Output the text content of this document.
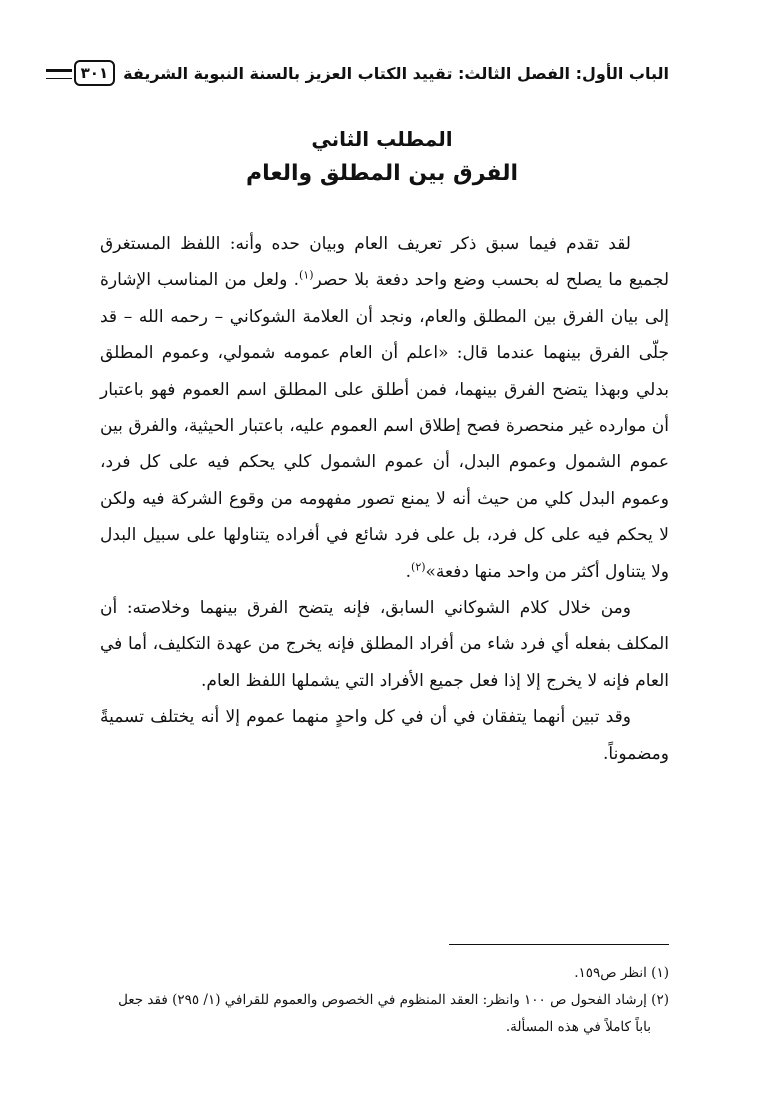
الباب الأول: الفصل الثالث: تقييد الكتاب العزيز بالسنة النبوية الشريفة
٣٠١
المطلب الثاني
الفرق بين المطلق والعام

لقد تقدم فيما سبق ذكر تعريف العام وبيان حده وأنه: اللفظ المستغرق لجميع ما يصلح له بحسب وضع واحد دفعة بلا حصر$^{(١)}$. ولعل من المناسب الإشارة إلى بيان الفرق بين المطلق والعام، ونجد أن العلامة الشوكاني – رحمه الله – قد جلّى الفرق بينهما عندما قال: «اعلم أن العام عمومه شمولي، وعموم المطلق بدلي وبهذا يتضح الفرق بينهما، فمن أطلق على المطلق اسم العموم فهو باعتبار أن موارده غير منحصرة فصح إطلاق اسم العموم عليه، باعتبار الحيثية، والفرق بين عموم الشمول وعموم البدل، أن عموم الشمول كلي يحكم فيه على كل فرد، وعموم البدل كلي من حيث أنه لا يمنع تصور مفهومه من وقوع الشركة فيه ولكن لا يحكم فيه على كل فرد، بل على فرد شائع في أفراده يتناولها على سبيل البدل ولا يتناول أكثر من واحد منها دفعة»$^{(٢)}$.

ومن خلال كلام الشوكاني السابق، فإنه يتضح الفرق بينهما وخلاصته: أن المكلف بفعله أي فرد شاء من أفراد المطلق فإنه يخرج من عهدة التكليف، أما في العام فإنه لا يخرج إلا إذا فعل جميع الأفراد التي يشملها اللفظ العام.

وقد تبين أنهما يتفقان في أن في كل واحدٍ منهما عموم إلا أنه يختلف تسميةً ومضموناً.

(١) انظر ص١٥٩.

(٢) إرشاد الفحول ص ١٠٠ وانظر: العقد المنظوم في الخصوص والعموم للقرافي (١/ ٢٩٥) فقد جعل

باباً كاملاً في هذه المسألة.
